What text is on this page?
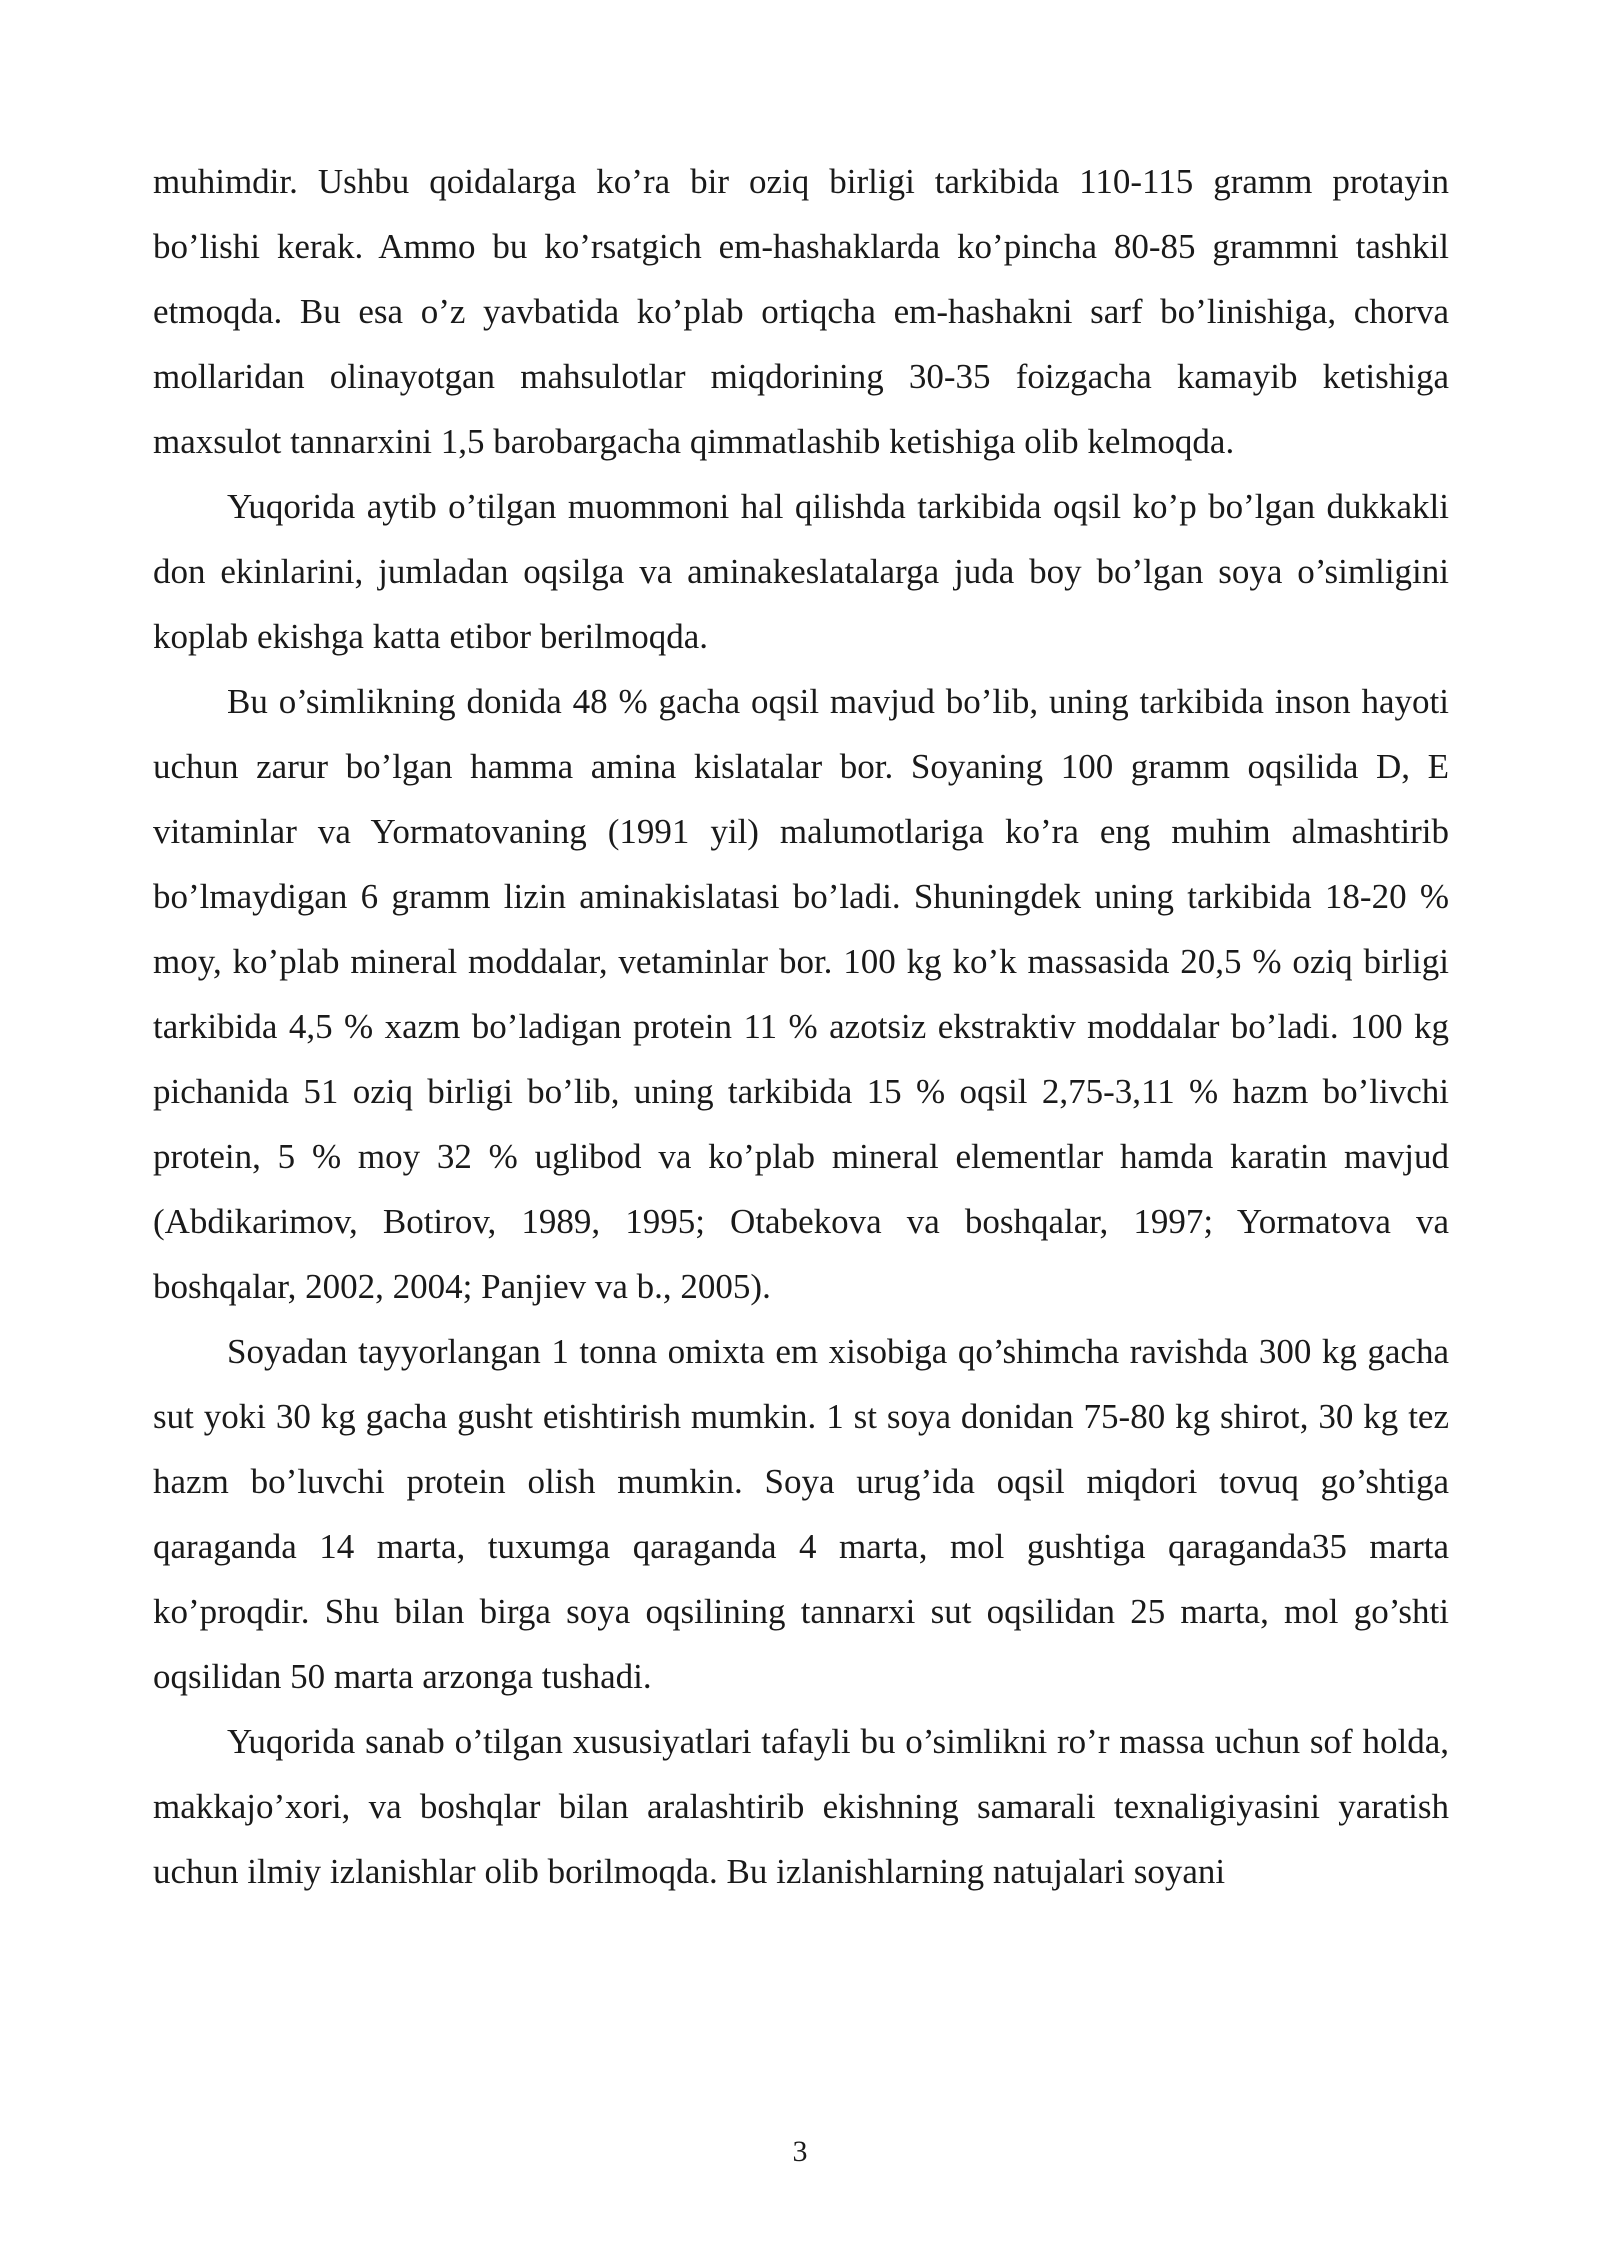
muhimdir. Ushbu qoidalarga ko’ra bir oziq birligi tarkibida 110-115 gramm protayin bo’lishi kerak. Ammo bu ko’rsatgich em-hashaklarda ko’pincha 80-85 grammni tashkil etmoqda. Bu esa o’z yavbatida ko’plab ortiqcha em-hashakni sarf bo’linishiga, chorva mollaridan olinayotgan mahsulotlar miqdorining 30-35 foizgacha kamayib ketishiga maxsulot tannarxini 1,5 barobargacha qimmatlashib ketishiga olib kelmoqda.

Yuqorida aytib o’tilgan muommoni hal qilishda tarkibida oqsil ko’p bo’lgan dukkakli don ekinlarini, jumladan oqsilga va aminakeslatalarga juda boy bo’lgan soya o’simligini koplab ekishga katta etibor berilmoqda.

Bu o’simlikning donida 48 % gacha oqsil mavjud bo’lib, uning tarkibida inson hayoti uchun zarur bo’lgan hamma amina kislatalar bor. Soyaning 100 gramm oqsilida D, E vitaminlar va Yormatovaning (1991 yil) malumotlariga ko’ra eng muhim almashtirib bo’lmaydigan 6 gramm lizin aminakislatasi bo’ladi. Shuningdek uning tarkibida 18-20 % moy, ko’plab mineral moddalar, vetaminlar bor. 100 kg ko’k massasida 20,5 % oziq birligi tarkibida 4,5 % xazm bo’ladigan protein 11 % azotsiz ekstraktiv moddalar bo’ladi. 100 kg pichanida 51 oziq birligi bo’lib, uning tarkibida 15 % oqsil 2,75-3,11 % hazm bo’livchi protein, 5 % moy 32 % uglibod va ko’plab mineral elementlar hamda karatin mavjud (Abdikarimov, Botirov, 1989, 1995; Otabekova va boshqalar, 1997; Yormatova va boshqalar, 2002, 2004; Panjiev va b., 2005).

Soyadan tayyorlangan 1 tonna omixta em xisobiga qo’shimcha ravishda 300 kg gacha sut yoki 30 kg gacha gusht etishtirish mumkin. 1 st soya donidan 75-80 kg shirot, 30 kg tez hazm bo’luvchi protein olish mumkin. Soya urug’ida oqsil miqdori tovuq go’shtiga qaraganda 14 marta, tuxumga qaraganda 4 marta, mol gushtiga qaraganda35 marta ko’proqdir. Shu bilan birga soya oqsilining tannarxi sut oqsilidan 25 marta, mol go’shti oqsilidan 50 marta arzonga tushadi.

Yuqorida sanab o’tilgan xususiyatlari tafayli bu o’simlikni ro’r massa uchun sof holda, makkajo’xori, va boshqlar bilan aralashtirib ekishning samarali texnaligiyasini yaratish uchun ilmiy izlanishlar olib borilmoqda. Bu izlanishlarning natujalari soyani

3
